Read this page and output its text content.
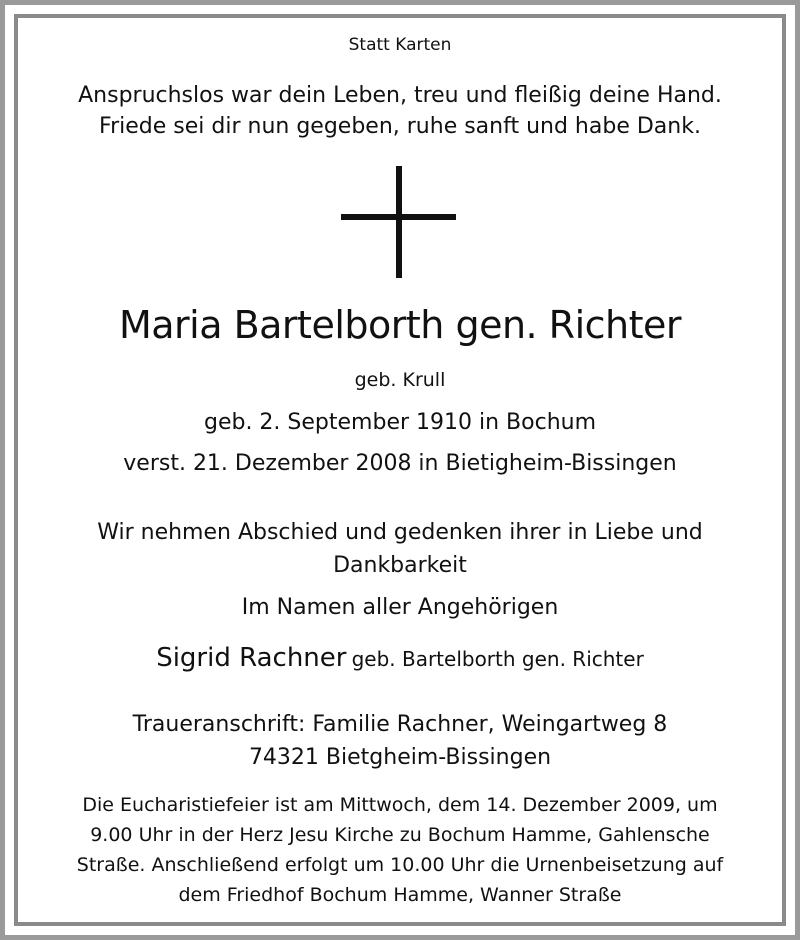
Statt Karten
Anspruchslos war dein Leben, treu und fleißig deine Hand.
Friede sei dir nun gegeben, ruhe sanft und habe Dank.
Maria Bartelborth gen. Richter
geb. Krull
geb. 2. September 1910 in Bochum
verst. 21. Dezember 2008 in Bietigheim-Bissingen
Wir nehmen Abschied und gedenken ihrer in Liebe und
Dankbarkeit
Im Namen aller Angehörigen
Sigrid Rachner geb. Bartelborth gen. Richter
Traueranschrift: Familie Rachner, Weingartweg 8
74321 Bietgheim-Bissingen
Die Eucharistiefeier ist am Mittwoch, dem 14. Dezember 2009, um
9.00 Uhr in der Herz Jesu Kirche zu Bochum Hamme, Gahlensche
Straße. Anschließend erfolgt um 10.00 Uhr die Urnenbeisetzung auf
dem Friedhof Bochum Hamme, Wanner Straße
